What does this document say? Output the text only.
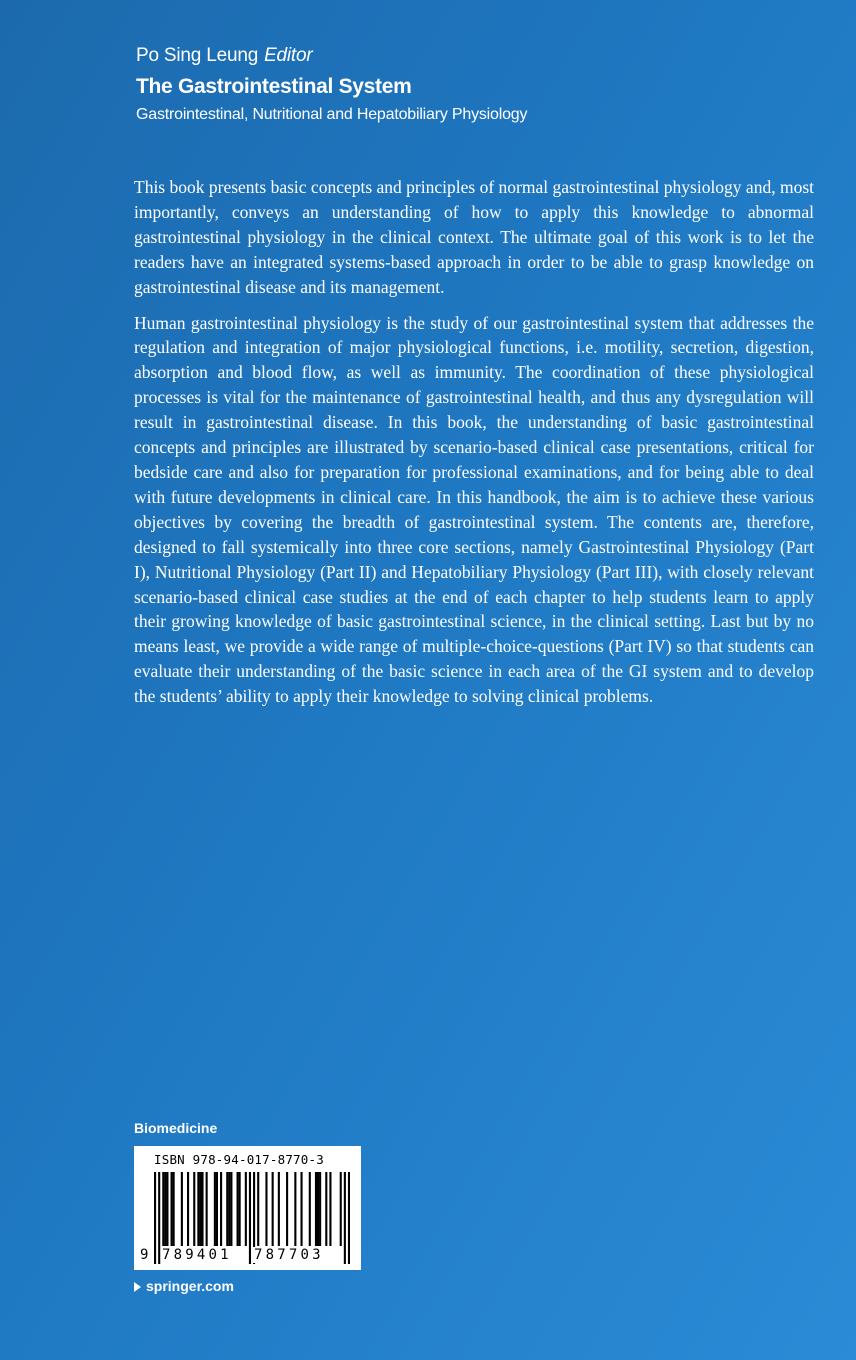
Po Sing Leung Editor
The Gastrointestinal System
Gastrointestinal, Nutritional and Hepatobiliary Physiology

This book presents basic concepts and principles of normal gastrointestinal physiology and, most importantly, conveys an understanding of how to apply this knowledge to abnormal gastrointestinal physiology in the clinical context. The ultimate goal of this work is to let the readers have an integrated systems-based approach in order to be able to grasp knowledge on gastrointestinal disease and its management.

Human gastrointestinal physiology is the study of our gastrointestinal system that addresses the regulation and integration of major physiological functions, i.e. motility, secretion, digestion, absorption and blood flow, as well as immunity. The coordination of these physiological processes is vital for the maintenance of gastrointestinal health, and thus any dysregulation will result in gastrointestinal disease. In this book, the understanding of basic gastrointestinal concepts and principles are illustrated by scenario-based clinical case presentations, critical for bedside care and also for preparation for professional examinations, and for being able to deal with future developments in clinical care. In this handbook, the aim is to achieve these various objectives by covering the breadth of gastrointestinal system. The contents are, therefore, designed to fall systemically into three core sections, namely Gastrointestinal Physiology (Part I), Nutritional Physiology (Part II) and Hepatobiliary Physiology (Part III), with closely relevant scenario-based clinical case studies at the end of each chapter to help students learn to apply their growing knowledge of basic gastrointestinal science, in the clinical setting. Last but by no means least, we provide a wide range of multiple-choice-questions (Part IV) so that students can evaluate their understanding of the basic science in each area of the GI system and to develop the students’ ability to apply their knowledge to solving clinical problems.

Biomedicine
ISBN 978-94-017-8770-3
9 789401 787703
springer.com
